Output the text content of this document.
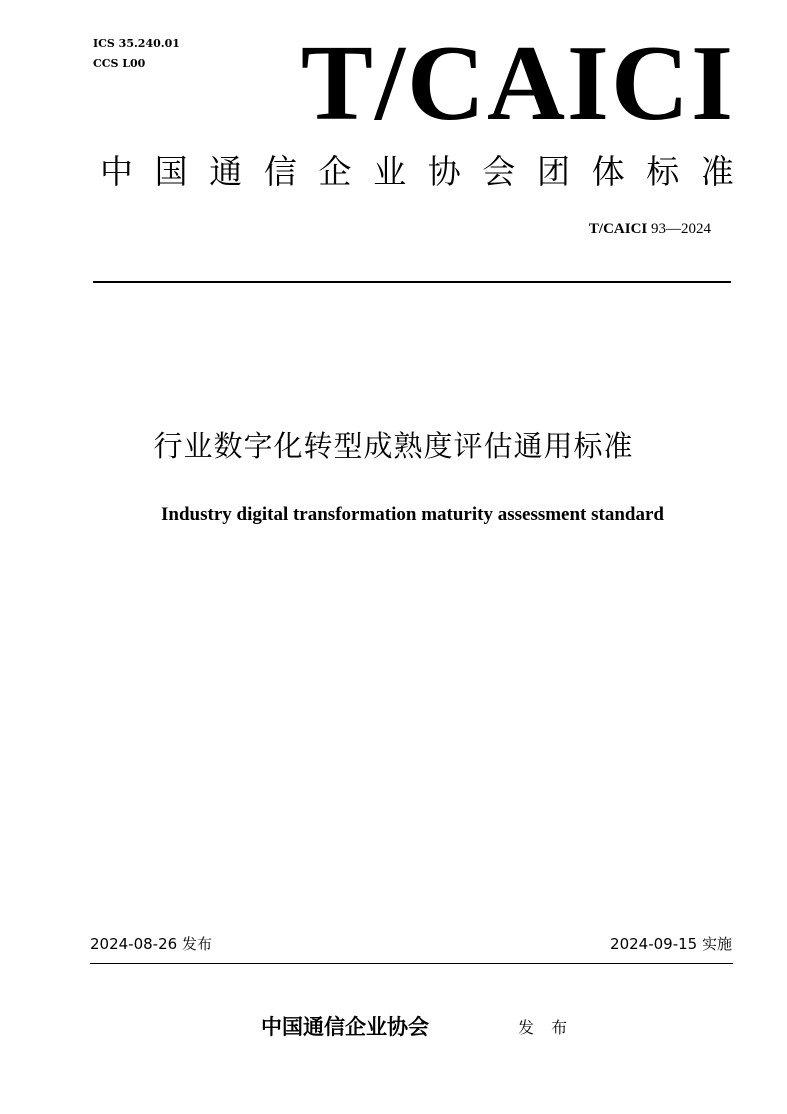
ICS 35.240.01
CCS L00 T/CAICI
中 国 通 信 企 业 协 会 团 体 标 准
T/CAICI 93—2024
行业数字化转型成熟度评估通用标准
Industry digital transformation maturity assessment standard
2024-08-26 发布	2024-09-15 实施
中国通信企业协会	发 布
